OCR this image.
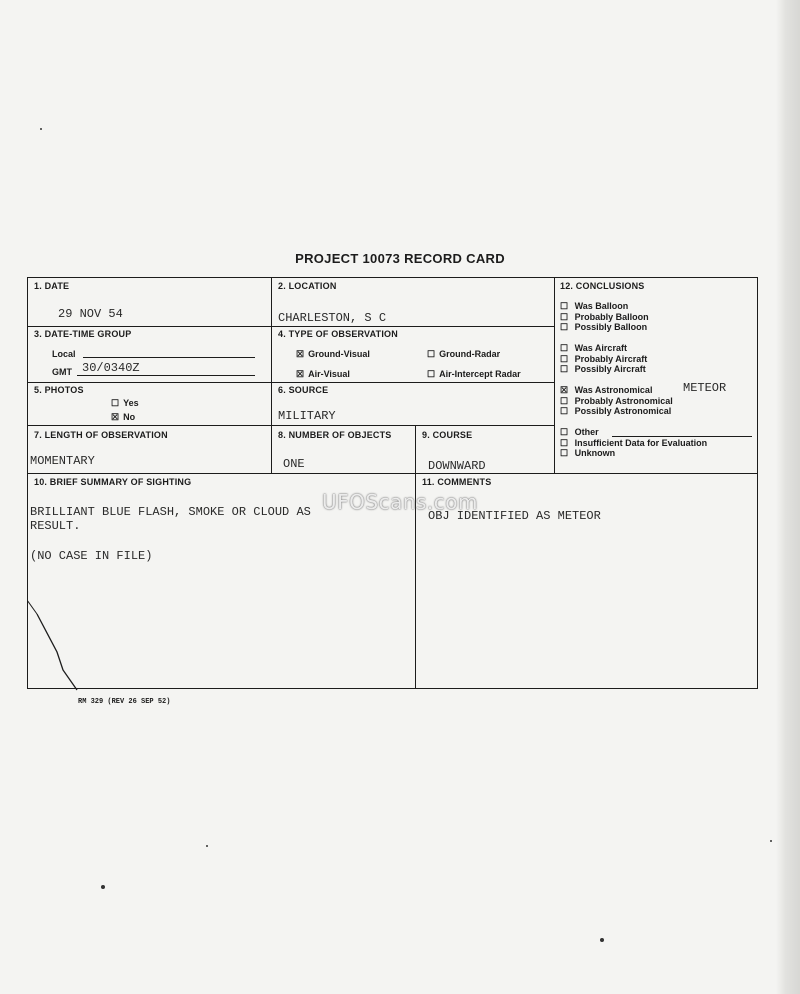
PROJECT 10073 RECORD CARD
1. DATE
29 NOV 54
2. LOCATION
CHARLESTON, S C
3. DATE-TIME GROUP
Local
GMT 30/0340Z
4. TYPE OF OBSERVATION
☒ Ground-Visual	☐ Ground-Radar
☒ Air-Visual	☐ Air-Intercept Radar
5. PHOTOS
☐ Yes
☒ No
6. SOURCE
MILITARY
7. LENGTH OF OBSERVATION
MOMENTARY
8. NUMBER OF OBJECTS
ONE
9. COURSE
DOWNWARD
12. CONCLUSIONS
☐ Was Balloon
☐ Probably Balloon
☐ Possibly Balloon
☐ Was Aircraft
☐ Probably Aircraft
☐ Possibly Aircraft
☒ Was Astronomical	METEOR
☐ Probably Astronomical
☐ Possibly Astronomical
☐ Other
☐ Insufficient Data for Evaluation
☐ Unknown
10. BRIEF SUMMARY OF SIGHTING
BRILLIANT BLUE FLASH, SMOKE OR CLOUD AS
RESULT.
(NO CASE IN FILE)
11. COMMENTS
OBJ IDENTIFIED AS METEOR
UFOScans.com
RM 329 (REV 26 SEP 52)
